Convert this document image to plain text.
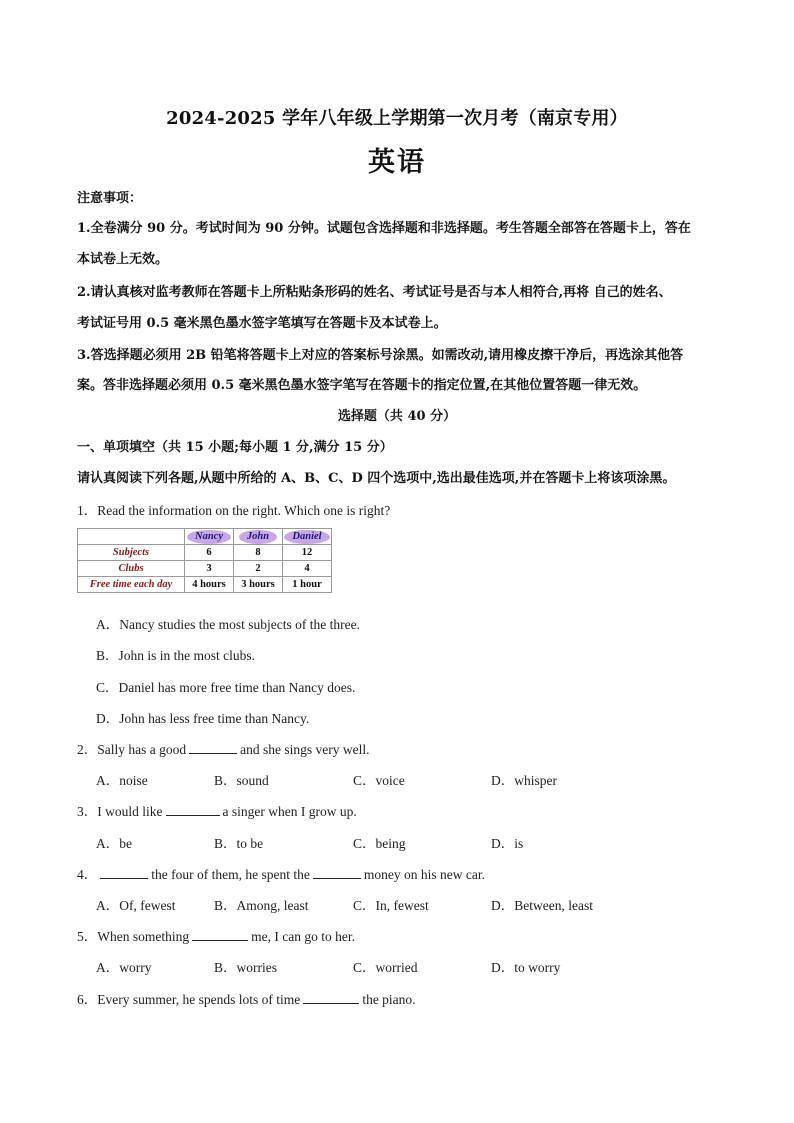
2024-2025 学年八年级上学期第一次月考（南京专用）
英语
注意事项：
1.全卷满分 90 分。考试时间为 90 分钟。试题包含选择题和非选择题。考生答题全部答在答题卡上，答在
本试卷上无效。
2.请认真核对监考教师在答题卡上所粘贴条形码的姓名、考试证号是否与本人相符合,再将 自己的姓名、
考试证号用 0.5 毫米黑色墨水签字笔填写在答题卡及本试卷上。
3.答选择题必须用 2B 铅笔将答题卡上对应的答案标号涂黑。如需改动,请用橡皮擦干净后，再选涂其他答
案。答非选择题必须用 0.5 毫米黑色墨水签字笔写在答题卡的指定位置,在其他位置答题一律无效。
选择题（共 40 分）
一、单项填空（共 15 小题;每小题 1 分,满分 15 分）
请认真阅读下列各题,从题中所给的 A、B、C、D 四个选项中,选出最佳选项,并在答题卡上将该项涂黑。
1．Read the information on the right. Which one is right?
	Nancy	John	Daniel
Subjects	6	8	12
Clubs	3	2	4
Free time each day	4 hours	3 hours	1 hour
A．Nancy studies the most subjects of the three.
B．John is in the most clubs.
C．Daniel has more free time than Nancy does.
D．John has less free time than Nancy.
2．Sally has a good	and she sings very well.
A．noise	B．sound	C．voice	D．whisper
3．I would like	a singer when I grow up.
A．be	B．to be	C．being	D．is
4．	the four of them, he spent the	money on his new car.
A．Of, fewest	B．Among, least	C．In, fewest	D．Between, least
5．When something	me, I can go to her.
A．worry	B．worries	C．worried	D．to worry
6．Every summer, he spends lots of time	the piano.
